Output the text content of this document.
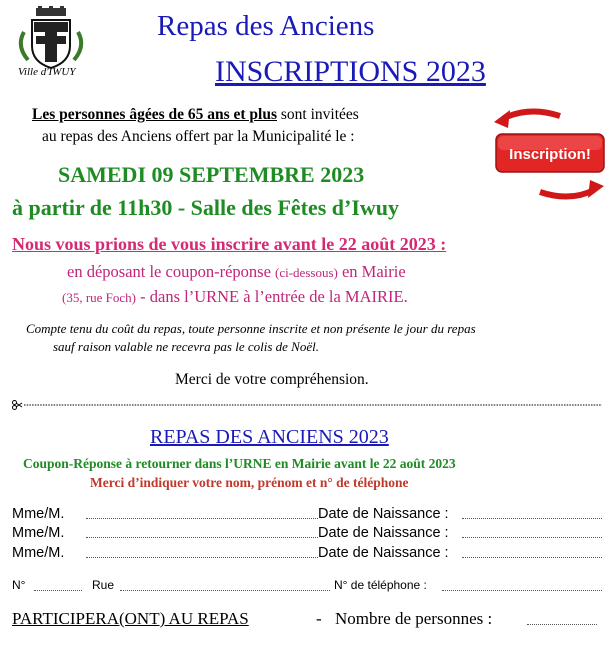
Ville d'IWUY
Repas des Anciens
INSCRIPTIONS 2023
Inscription!
Les personnes âgées de 65 ans et plus sont invitées
au repas des Anciens offert par la Municipalité le :
SAMEDI 09 SEPTEMBRE 2023
à partir de 11h30 - Salle des Fêtes d’Iwuy
Nous vous prions de vous inscrire avant le 22 août 2023 :
en déposant le coupon-réponse (ci-dessous) en Mairie
(35, rue Foch) - dans l’URNE à l’entrée de la MAIRIE.
Compte tenu du coût du repas, toute personne inscrite et non présente le jour du repas
sauf raison valable ne recevra pas le colis de Noël.
Merci de votre compréhension.
REPAS DES ANCIENS 2023
Coupon-Réponse à retourner dans l’URNE en Mairie avant le 22 août 2023
Merci d’indiquer votre nom, prénom et n° de téléphone
Mme/M.	Date de Naissance :
Mme/M.	Date de Naissance :
Mme/M.	Date de Naissance :
N°	Rue	N° de téléphone :
PARTICIPERA(ONT) AU REPAS	- Nombre de personnes :
